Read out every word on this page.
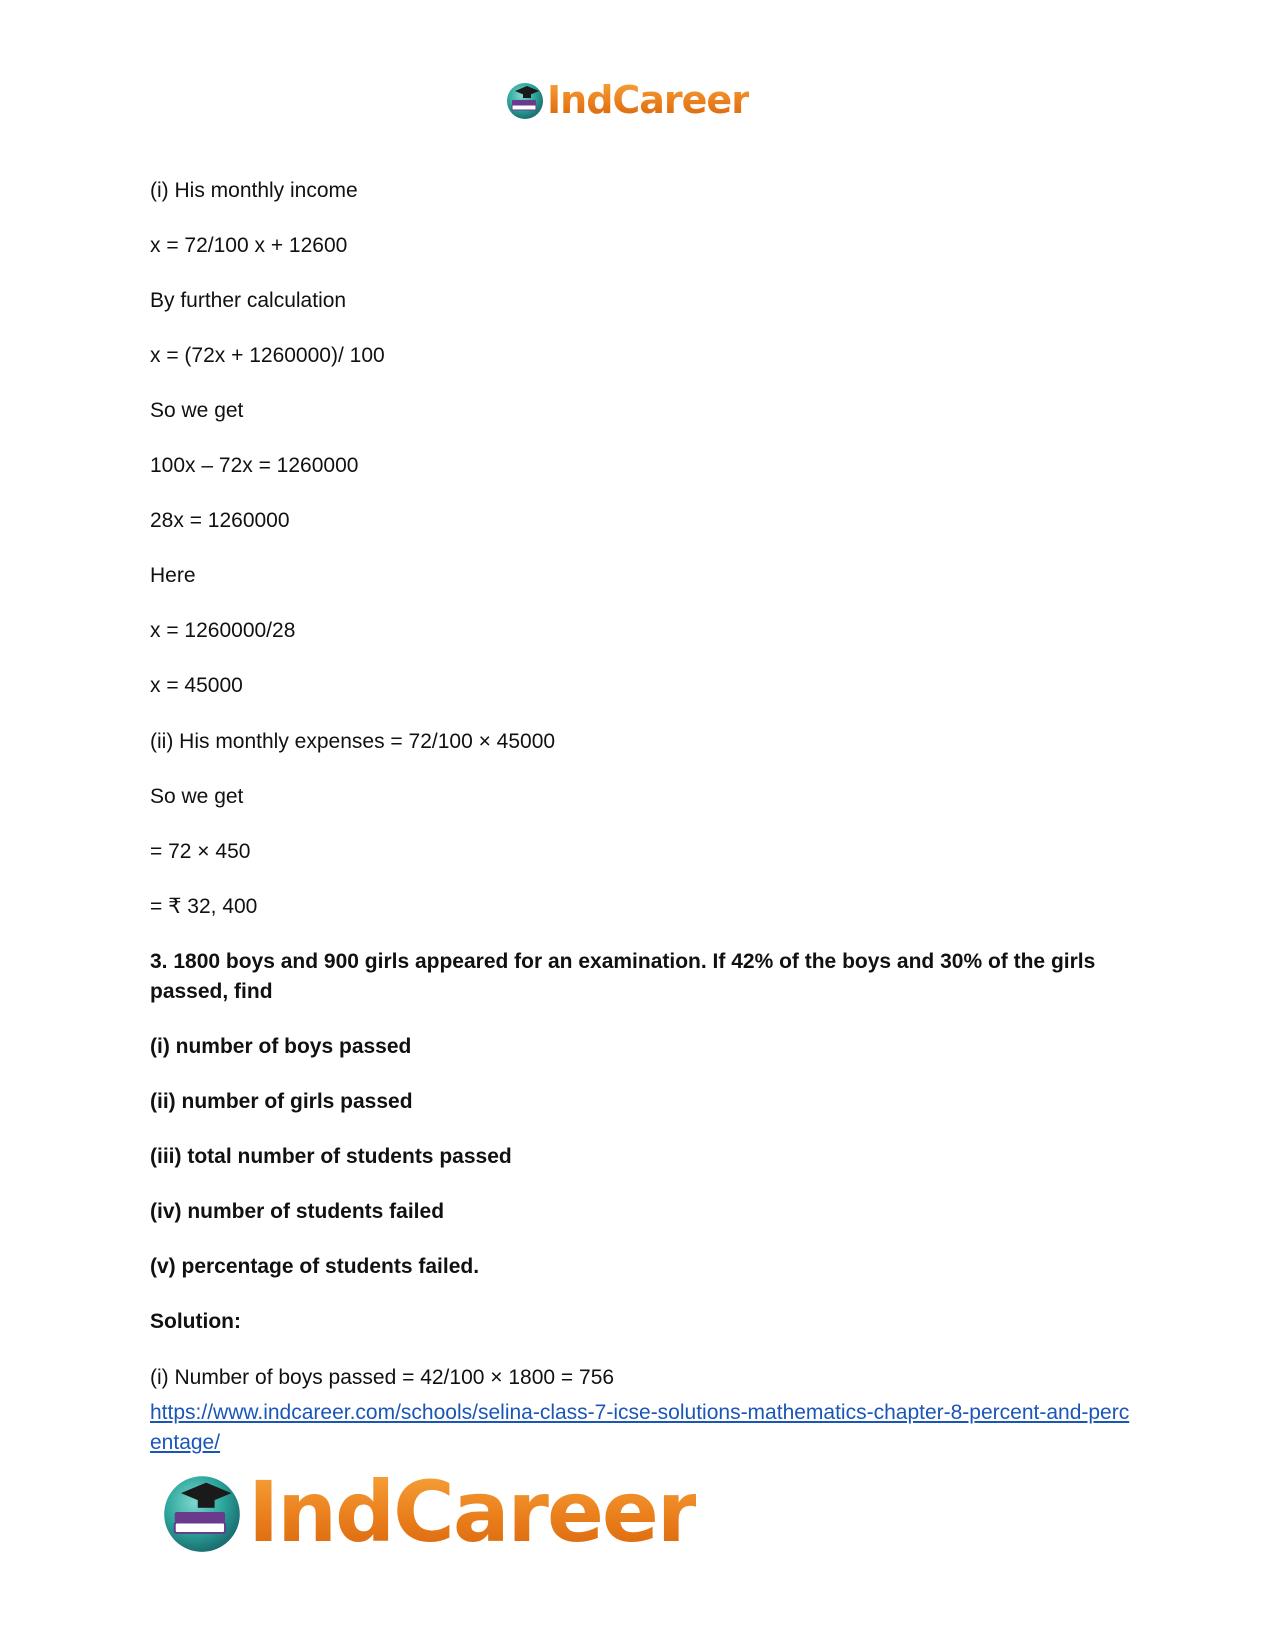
IndCareer
(i) His monthly income
x = 72/100 x + 12600
By further calculation
x = (72x + 1260000)/ 100
So we get
100x – 72x = 1260000
28x = 1260000
Here
x = 1260000/28
x = 45000
(ii) His monthly expenses = 72/100 × 45000
So we get
= 72 × 450
= ₹ 32, 400
3. 1800 boys and 900 girls appeared for an examination. If 42% of the boys and 30% of the girls passed, find
(i) number of boys passed
(ii) number of girls passed
(iii) total number of students passed
(iv) number of students failed
(v) percentage of students failed.
Solution:
(i) Number of boys passed = 42/100 × 1800 = 756
https://www.indcareer.com/schools/selina-class-7-icse-solutions-mathematics-chapter-8-percent-and-percentage/
IndCareer
